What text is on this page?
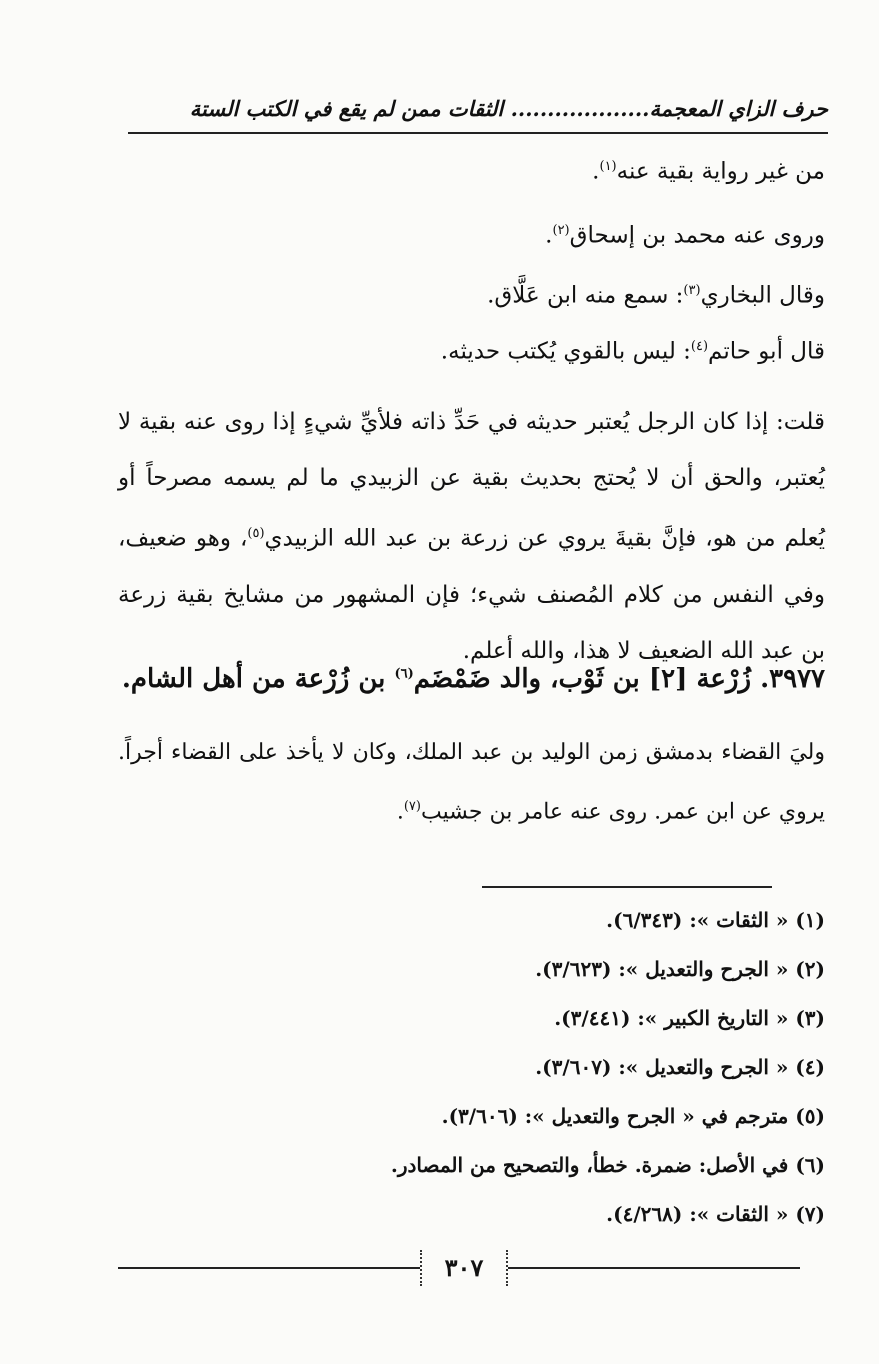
حرف الزاي المعجمة................... الثقات ممن لم يقع في الكتب الستة
من غير رواية بقية عنه$^{(١)}$.
وروى عنه محمد بن إسحاق$^{(٢)}$.
وقال البخاري$^{(٣)}$: سمع منه ابن عَلَّاق.
قال أبو حاتم$^{(٤)}$: ليس بالقوي يُكتب حديثه.
قلت: إذا كان الرجل يُعتبر حديثه في حَدِّ ذاته فلأيِّ شيءٍ إذا روى عنه بقية لا يُعتبر، والحق أن لا يُحتج بحديث بقية عن الزبيدي ما لم يسمه مصرحاً أو يُعلم من هو، فإنَّ بقيةَ يروي عن زرعة بن عبد الله الزبيدي$^{(٥)}$، وهو ضعيف، وفي النفس من كلام المُصنف شيء؛ فإن المشهور من مشايخ بقية زرعة بن عبد الله الضعيف لا هذا، والله أعلم.
٣٩٧٧. زُرْعة [٢] بن ثَوْب، والد ضَمْضَم$^{(٦)}$ بن زُرْعة من أهل الشام.
وليَ القضاء بدمشق زمن الوليد بن عبد الملك، وكان لا يأخذ على القضاء أجراً. يروي عن ابن عمر. روى عنه عامر بن جشيب$^{(٧)}$.
(١) « الثقات »: (٦/٣٤٣).
(٢) « الجرح والتعديل »: (٣/٦٢٣).
(٣) « التاريخ الكبير »: (٣/٤٤١).
(٤) « الجرح والتعديل »: (٣/٦٠٧).
(٥) مترجم في « الجرح والتعديل »: (٣/٦٠٦).
(٦) في الأصل: ضمرة. خطأ، والتصحيح من المصادر.
(٧) « الثقات »: (٤/٢٦٨).
٣٠٧
